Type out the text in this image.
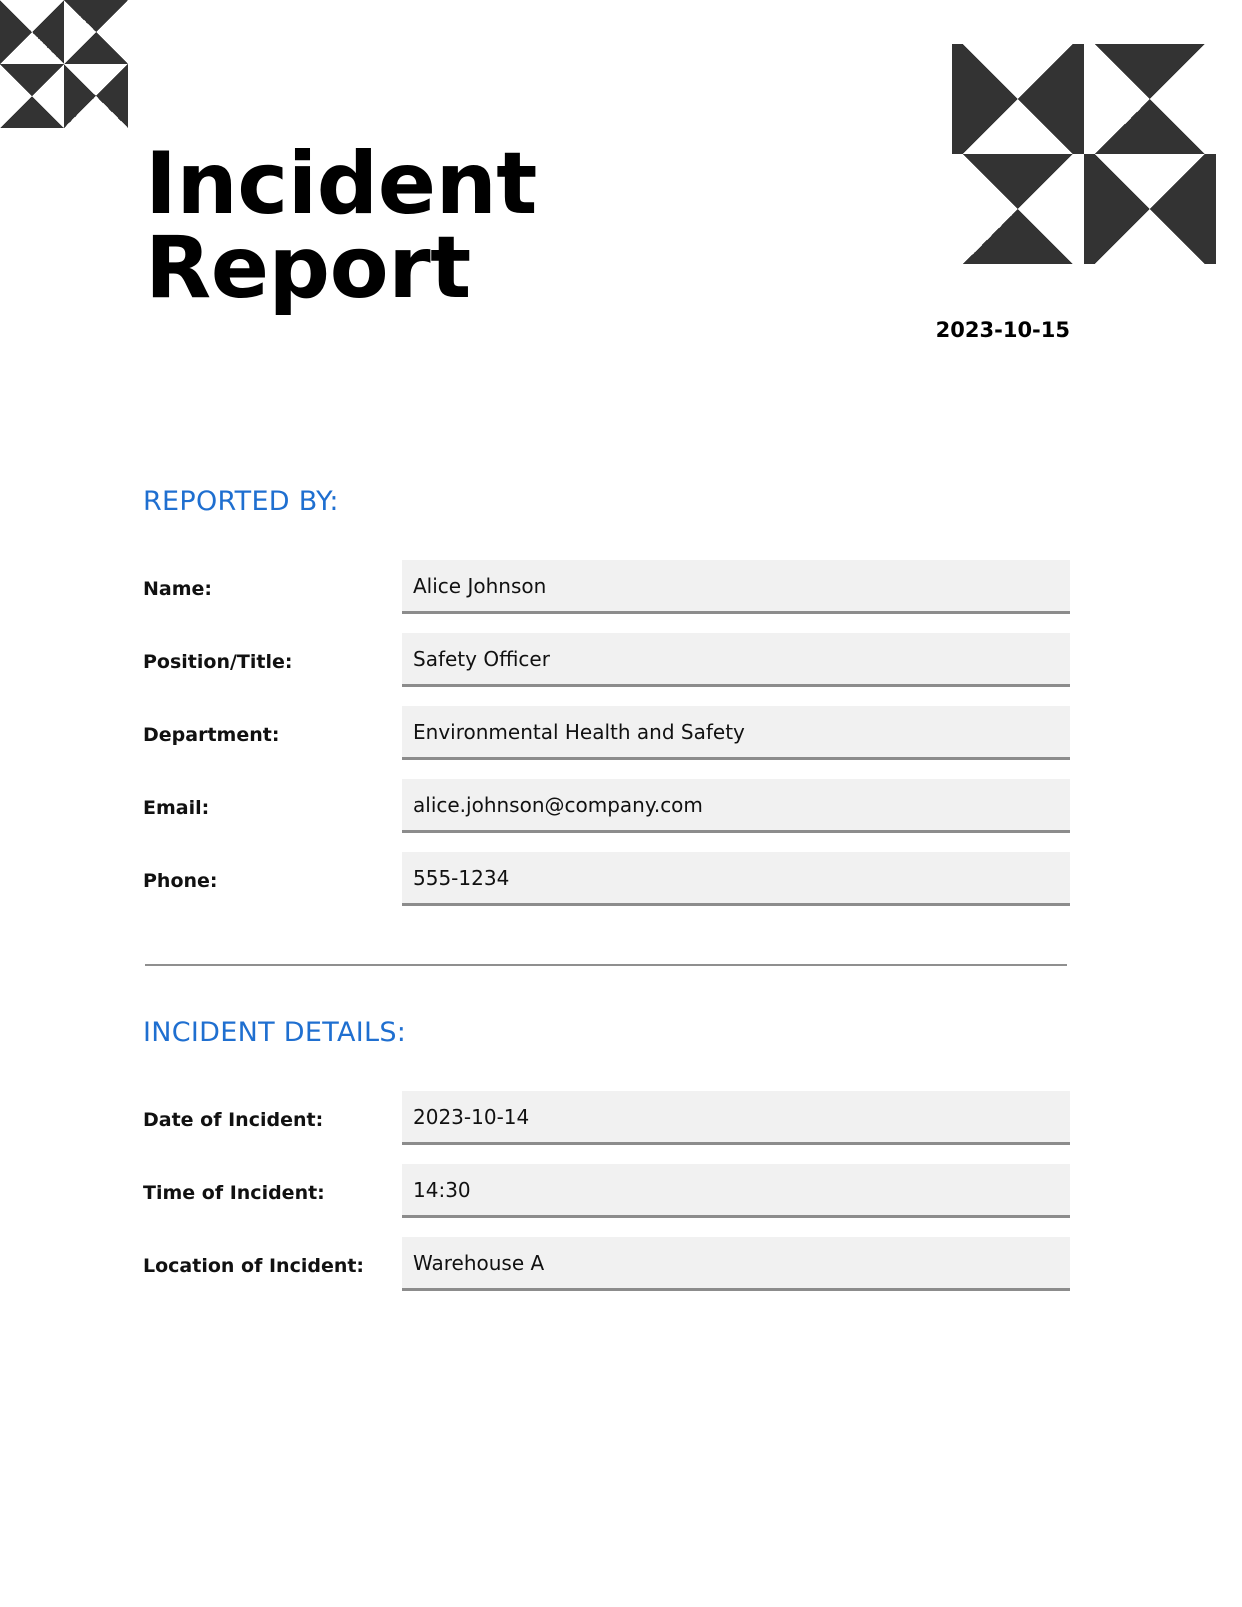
Incident Report
2023-10-15
REPORTED BY:
Name:	Alice Johnson
Position/Title:	Safety Officer
Department:	Environmental Health and Safety
Email:	alice.johnson@company.com
Phone:	555-1234
INCIDENT DETAILS:
Date of Incident:	2023-10-14
Time of Incident:	14:30
Location of Incident: Warehouse A
